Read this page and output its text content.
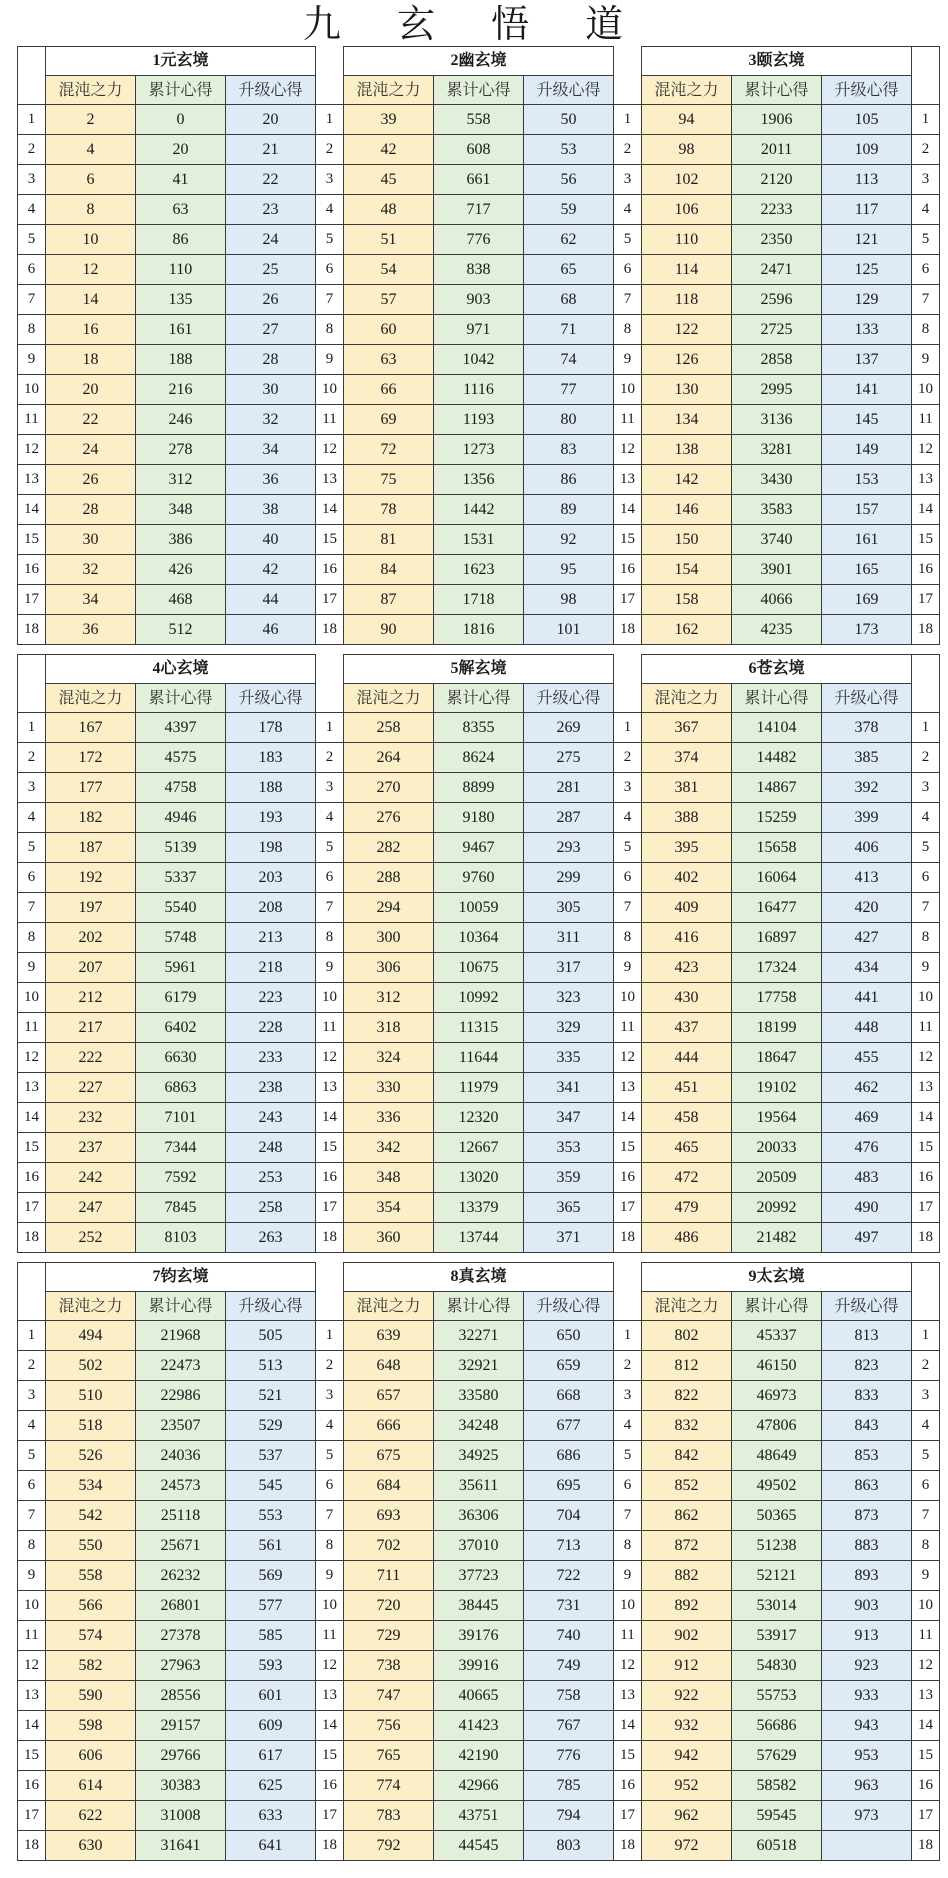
九 玄 悟 道
	1元玄境				2幽玄境				3颐玄境			
	混沌之力	累计心得	升级心得		混沌之力	累计心得	升级心得		混沌之力	累计心得	升级心得	
1	2	0	20	1	39	558	50	1	94	1906	105	1
2	4	20	21	2	42	608	53	2	98	2011	109	2
3	6	41	22	3	45	661	56	3	102	2120	113	3
4	8	63	23	4	48	717	59	4	106	2233	117	4
5	10	86	24	5	51	776	62	5	110	2350	121	5
6	12	110	25	6	54	838	65	6	114	2471	125	6
7	14	135	26	7	57	903	68	7	118	2596	129	7
8	16	161	27	8	60	971	71	8	122	2725	133	8
9	18	188	28	9	63	1042	74	9	126	2858	137	9
10	20	216	30	10	66	1116	77	10	130	2995	141	10
11	22	246	32	11	69	1193	80	11	134	3136	145	11
12	24	278	34	12	72	1273	83	12	138	3281	149	12
13	26	312	36	13	75	1356	86	13	142	3430	153	13
14	28	348	38	14	78	1442	89	14	146	3583	157	14
15	30	386	40	15	81	1531	92	15	150	3740	161	15
16	32	426	42	16	84	1623	95	16	154	3901	165	16
17	34	468	44	17	87	1718	98	17	158	4066	169	17
18	36	512	46	18	90	1816	101	18	162	4235	173	18
	4心玄境				5解玄境				6苍玄境			
	混沌之力	累计心得	升级心得		混沌之力	累计心得	升级心得		混沌之力	累计心得	升级心得	
1	167	4397	178	1	258	8355	269	1	367	14104	378	1
2	172	4575	183	2	264	8624	275	2	374	14482	385	2
3	177	4758	188	3	270	8899	281	3	381	14867	392	3
4	182	4946	193	4	276	9180	287	4	388	15259	399	4
5	187	5139	198	5	282	9467	293	5	395	15658	406	5
6	192	5337	203	6	288	9760	299	6	402	16064	413	6
7	197	5540	208	7	294	10059	305	7	409	16477	420	7
8	202	5748	213	8	300	10364	311	8	416	16897	427	8
9	207	5961	218	9	306	10675	317	9	423	17324	434	9
10	212	6179	223	10	312	10992	323	10	430	17758	441	10
11	217	6402	228	11	318	11315	329	11	437	18199	448	11
12	222	6630	233	12	324	11644	335	12	444	18647	455	12
13	227	6863	238	13	330	11979	341	13	451	19102	462	13
14	232	7101	243	14	336	12320	347	14	458	19564	469	14
15	237	7344	248	15	342	12667	353	15	465	20033	476	15
16	242	7592	253	16	348	13020	359	16	472	20509	483	16
17	247	7845	258	17	354	13379	365	17	479	20992	490	17
18	252	8103	263	18	360	13744	371	18	486	21482	497	18
	7钧玄境				8真玄境				9太玄境			
	混沌之力	累计心得	升级心得		混沌之力	累计心得	升级心得		混沌之力	累计心得	升级心得	
1	494	21968	505	1	639	32271	650	1	802	45337	813	1
2	502	22473	513	2	648	32921	659	2	812	46150	823	2
3	510	22986	521	3	657	33580	668	3	822	46973	833	3
4	518	23507	529	4	666	34248	677	4	832	47806	843	4
5	526	24036	537	5	675	34925	686	5	842	48649	853	5
6	534	24573	545	6	684	35611	695	6	852	49502	863	6
7	542	25118	553	7	693	36306	704	7	862	50365	873	7
8	550	25671	561	8	702	37010	713	8	872	51238	883	8
9	558	26232	569	9	711	37723	722	9	882	52121	893	9
10	566	26801	577	10	720	38445	731	10	892	53014	903	10
11	574	27378	585	11	729	39176	740	11	902	53917	913	11
12	582	27963	593	12	738	39916	749	12	912	54830	923	12
13	590	28556	601	13	747	40665	758	13	922	55753	933	13
14	598	29157	609	14	756	41423	767	14	932	56686	943	14
15	606	29766	617	15	765	42190	776	15	942	57629	953	15
16	614	30383	625	16	774	42966	785	16	952	58582	963	16
17	622	31008	633	17	783	43751	794	17	962	59545	973	17
18	630	31641	641	18	792	44545	803	18	972	60518		18
